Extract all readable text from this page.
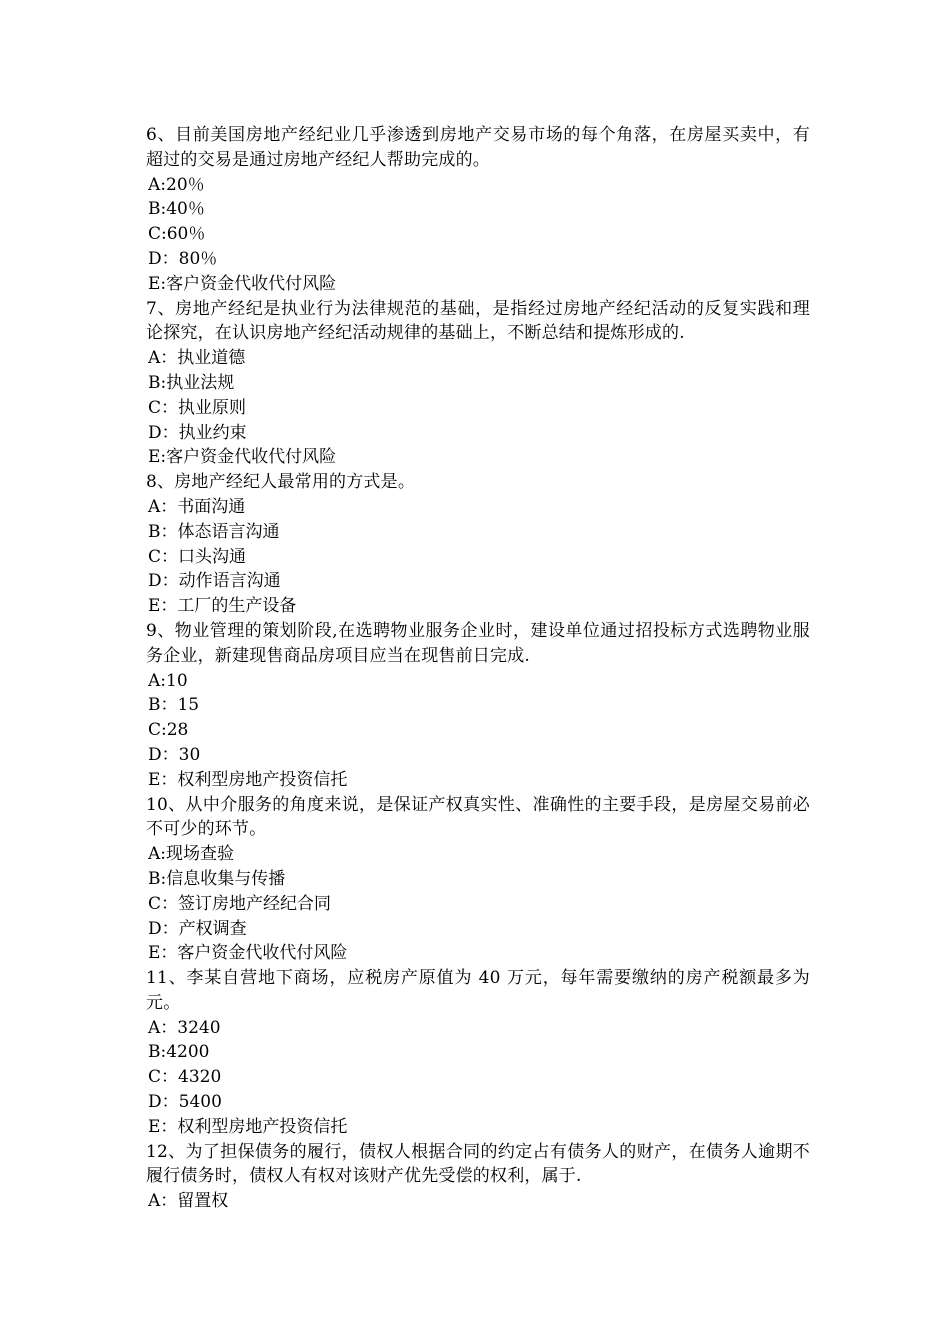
6、目前美国房地产经纪业几乎渗透到房地产交易市场的每个角落，在房屋买卖中，有超过的交易是通过房地产经纪人帮助完成的。

A:20％

B:40％

C:60％

D：80％

E:客户资金代收代付风险

7、房地产经纪是执业行为法律规范的基础，是指经过房地产经纪活动的反复实践和理论探究，在认识房地产经纪活动规律的基础上，不断总结和提炼形成的.

A：执业道德

B:执业法规

C：执业原则

D：执业约束

E:客户资金代收代付风险

8、房地产经纪人最常用的方式是。

A：书面沟通

B：体态语言沟通

C：口头沟通

D：动作语言沟通

E：工厂的生产设备

9、物业管理的策划阶段,在选聘物业服务企业时，建设单位通过招投标方式选聘物业服务企业，新建现售商品房项目应当在现售前日完成.

A:10

B：15

C:28

D：30

E：权利型房地产投资信托

10、从中介服务的角度来说，是保证产权真实性、准确性的主要手段，是房屋交易前必不可少的环节。

A:现场查验

B:信息收集与传播

C：签订房地产经纪合同

D：产权调查

E：客户资金代收代付风险

11、李某自营地下商场，应税房产原值为 40 万元，每年需要缴纳的房产税额最多为元。

A：3240

B:4200

C：4320

D：5400

E：权利型房地产投资信托

12、为了担保债务的履行，债权人根据合同的约定占有债务人的财产，在债务人逾期不履行债务时，债权人有权对该财产优先受偿的权利，属于.

A：留置权
